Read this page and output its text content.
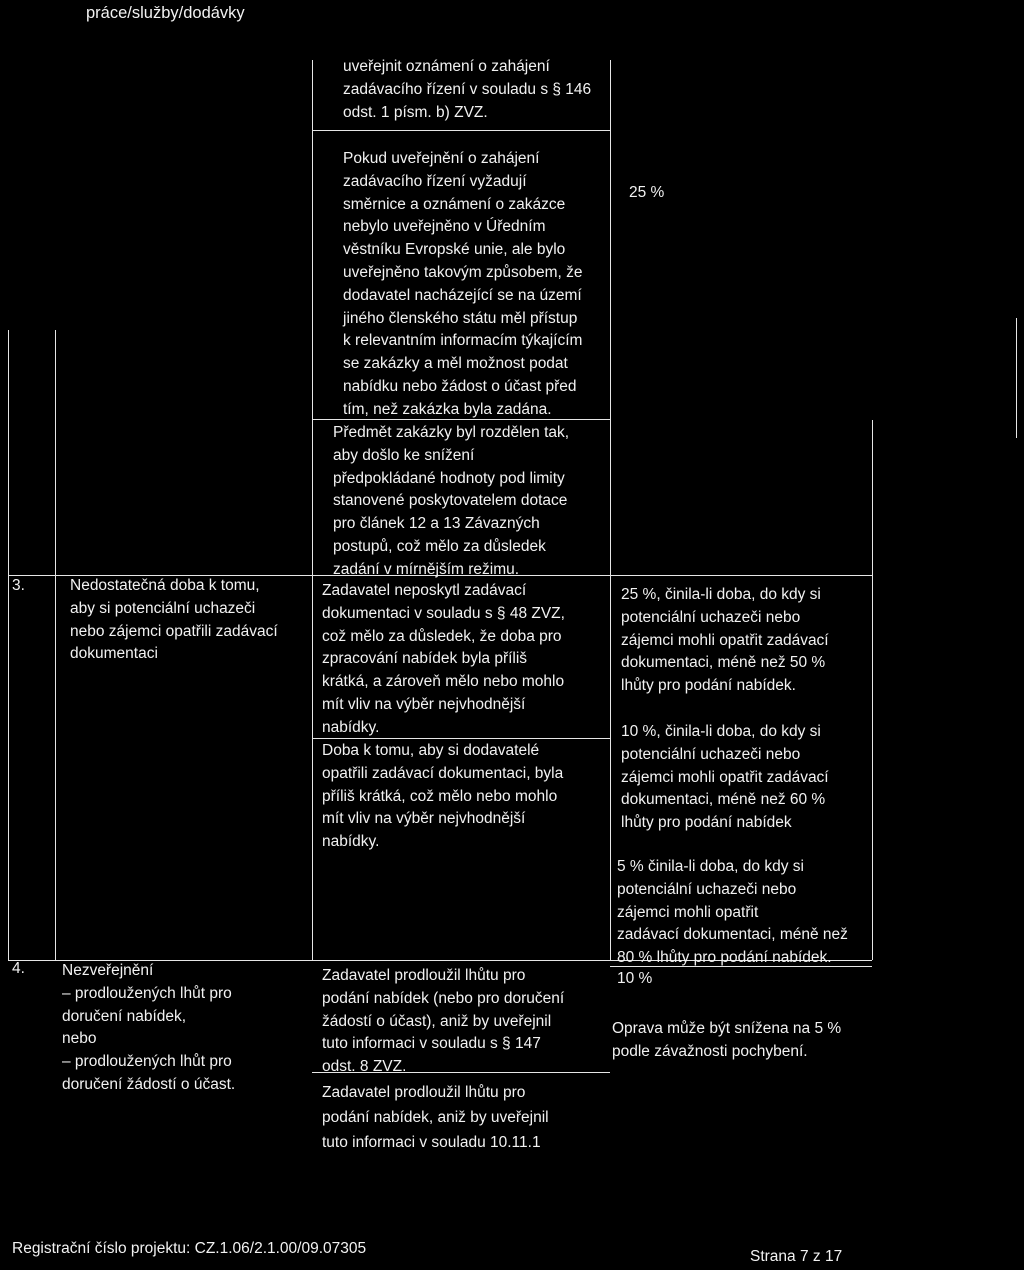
práce/služby/dodávky
uveřejnit oznámení o zahájení
zadávacího řízení v souladu s § 146
odst. 1 písm. b) ZVZ.
Pokud uveřejnění o zahájení
zadávacího řízení vyžadují
směrnice a oznámení o zakázce
nebylo uveřejněno v Úředním
věstníku Evropské unie, ale bylo
uveřejněno takovým způsobem, že
dodavatel nacházející se na území
jiného členského státu měl přístup
k relevantním informacím týkajícím
se zakázky a měl možnost podat
nabídku nebo žádost o účast před
tím, než zakázka byla zadána.
25 %
Předmět zakázky byl rozdělen tak,
aby došlo ke snížení
předpokládané hodnoty pod limity
stanovené poskytovatelem dotace
pro článek 12 a 13 Závazných
postupů, což mělo za důsledek
zadání v mírnějším režimu.
3.	Nedostatečná doba k tomu,
aby si potenciální uchazeči
nebo zájemci opatřili zadávací
dokumentaci
Zadavatel neposkytl zadávací
dokumentaci v souladu s § 48 ZVZ,
což mělo za důsledek, že doba pro
zpracování nabídek byla příliš
krátká, a zároveň mělo nebo mohlo
mít vliv na výběr nejvhodnější
nabídky.
Doba k tomu, aby si dodavatelé
opatřili zadávací dokumentaci, byla
příliš krátká, což mělo nebo mohlo
mít vliv na výběr nejvhodnější
nabídky.
25 %, činila-li doba, do kdy si
potenciální uchazeči nebo
zájemci mohli opatřit zadávací
dokumentaci, méně než 50 %
lhůty pro podání nabídek.
10 %, činila-li doba, do kdy si
potenciální uchazeči nebo
zájemci mohli opatřit zadávací
dokumentaci, méně než 60 %
lhůty pro podání nabídek
5 % činila-li doba, do kdy si
potenciální uchazeči nebo
zájemci mohli opatřit
zadávací dokumentaci, méně než
80 % lhůty pro podání nabídek.
4. Nezveřejnění
– prodloužených lhůt pro
doručení nabídek,
nebo
– prodloužených lhůt pro
doručení žádostí o účast.
Zadavatel prodloužil lhůtu pro
podání nabídek (nebo pro doručení
žádostí o účast), aniž by uveřejnil
tuto informaci v souladu s § 147
odst. 8 ZVZ.
Zadavatel prodloužil lhůtu pro
podání nabídek, aniž by uveřejnil
tuto informaci v souladu 10.11.1
10 %
Oprava může být snížena na 5 %
podle závažnosti pochybení.
Registrační číslo projektu: CZ.1.06/2.1.00/09.07305	Strana 7 z 17
